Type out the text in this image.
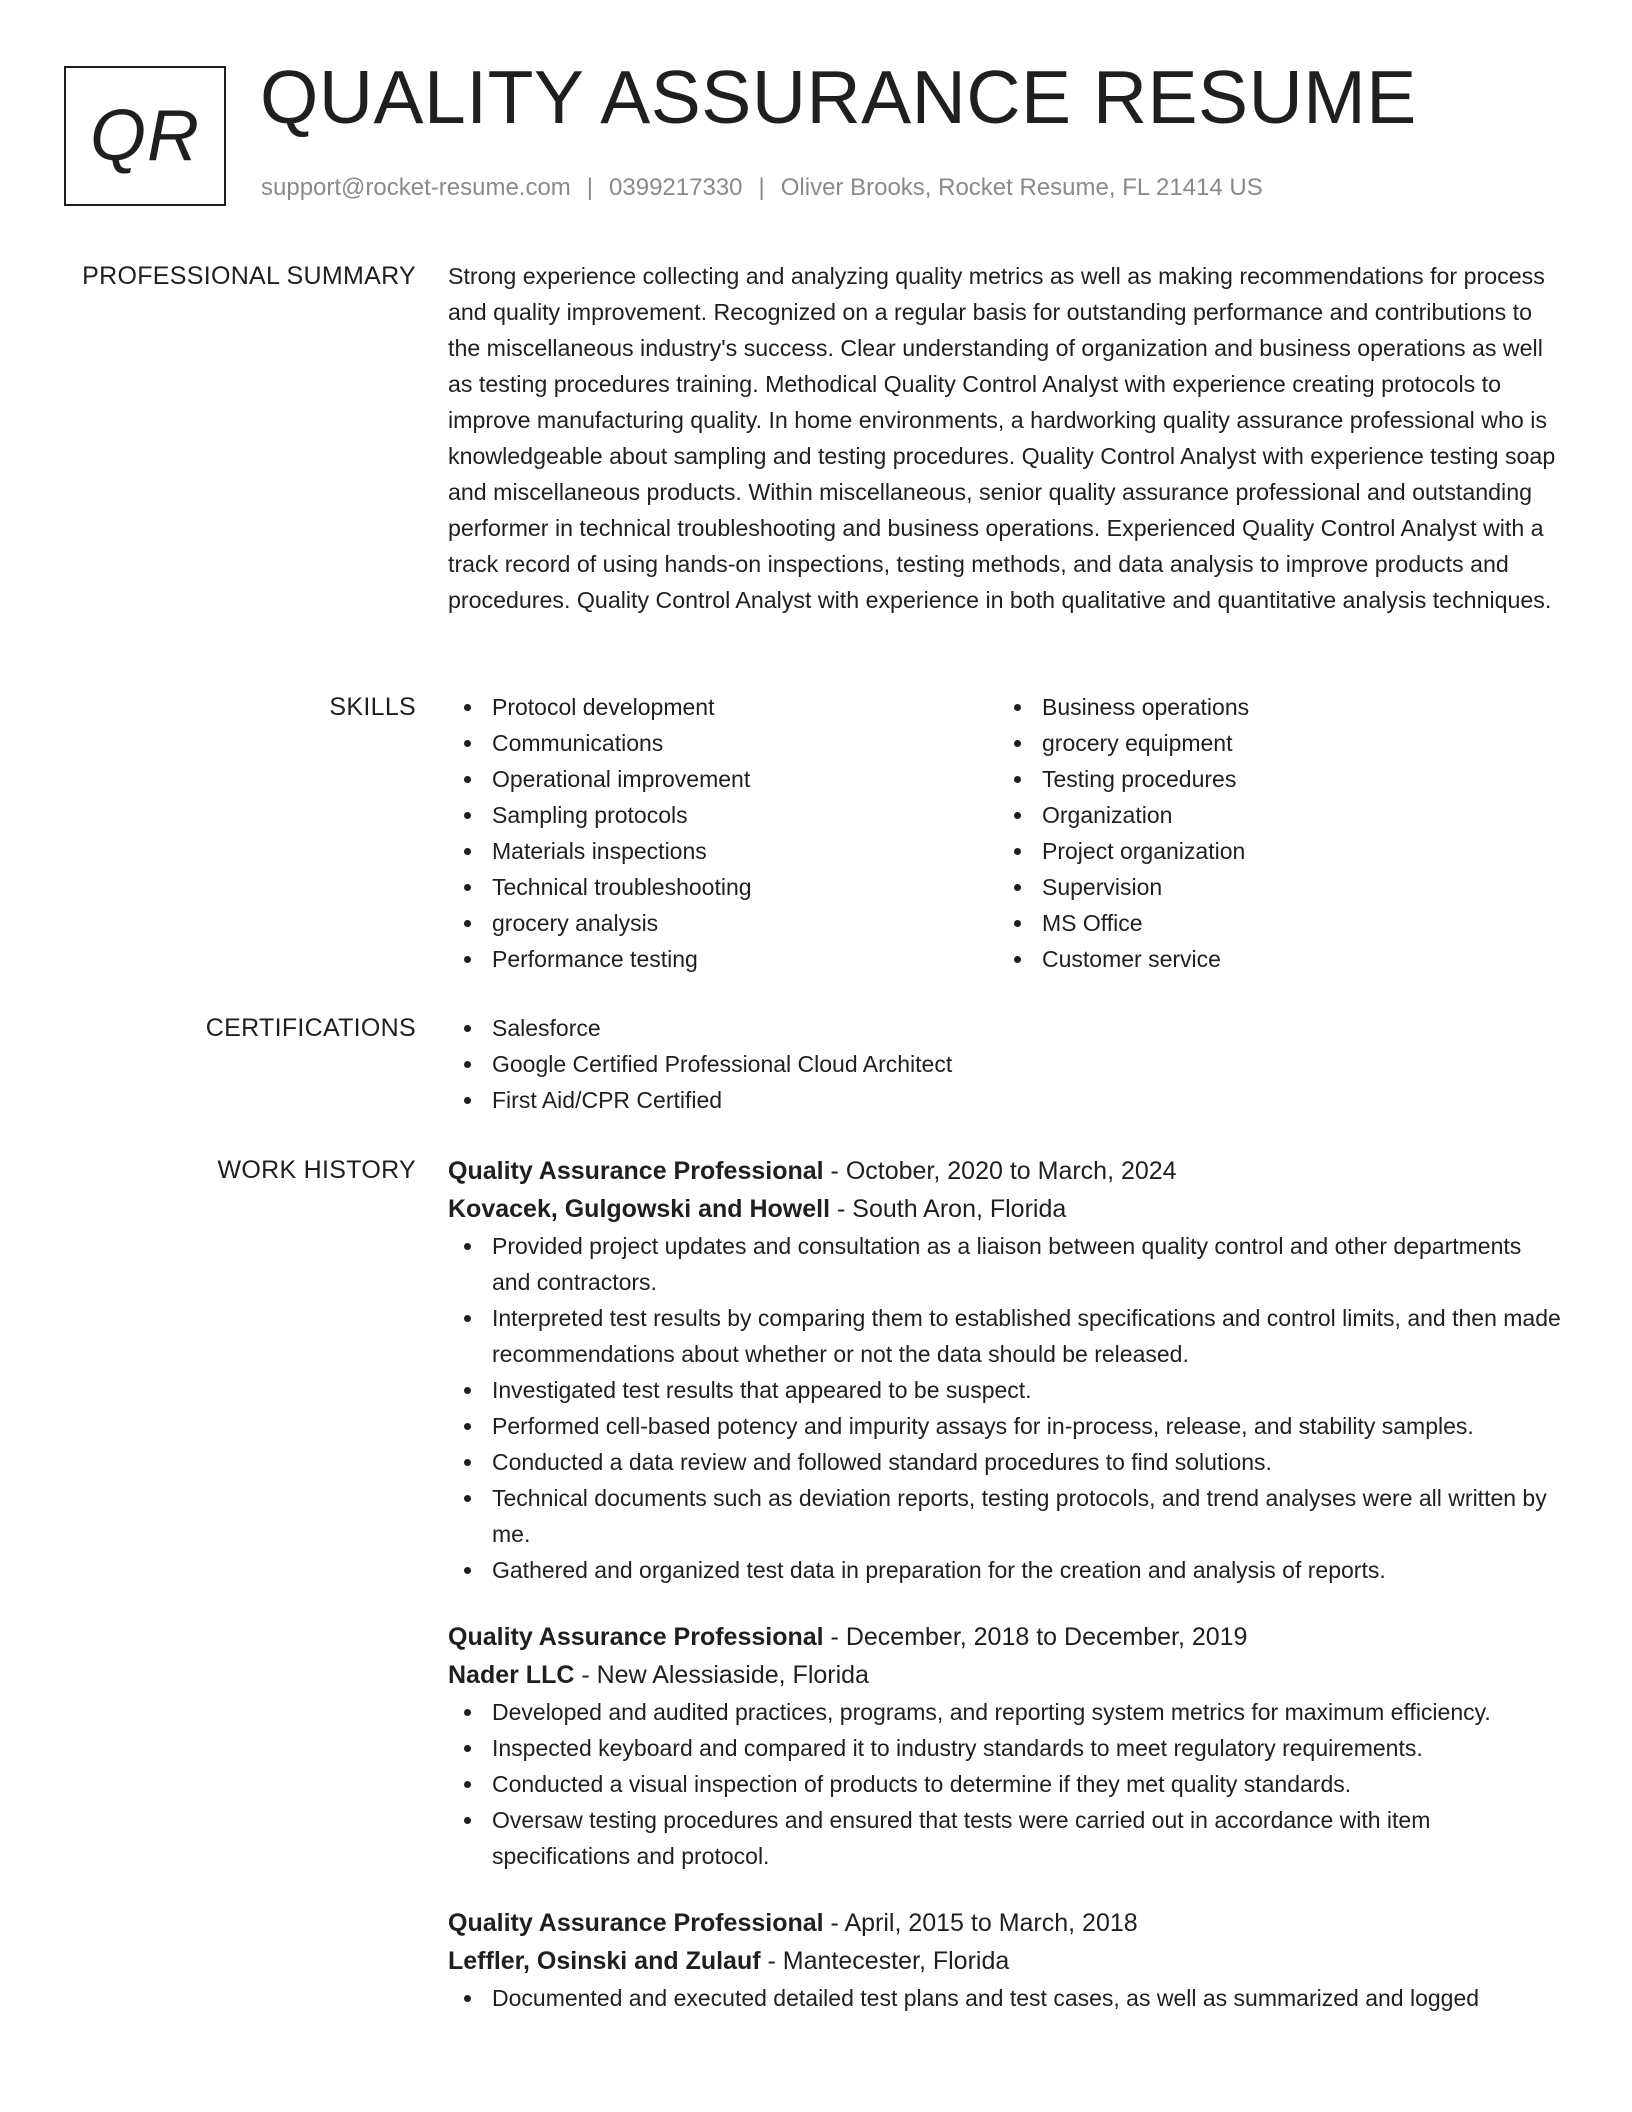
QR QUALITY ASSURANCE RESUME
support@rocket-resume.com | 0399217330 | Oliver Brooks, Rocket Resume, FL 21414 US
PROFESSIONAL SUMMARY Strong experience collecting and analyzing quality metrics as well as making recommendations for process and quality improvement. Recognized on a regular basis for outstanding performance and contributions to the miscellaneous industry's success. Clear understanding of organization and business operations as well as testing procedures training. Methodical Quality Control Analyst with experience creating protocols to improve manufacturing quality. In home environments, a hardworking quality assurance professional who is knowledgeable about sampling and testing procedures. Quality Control Analyst with experience testing soap and miscellaneous products. Within miscellaneous, senior quality assurance professional and outstanding performer in technical troubleshooting and business operations. Experienced Quality Control Analyst with a track record of using hands-on inspections, testing methods, and data analysis to improve products and procedures. Quality Control Analyst with experience in both qualitative and quantitative analysis techniques.

SKILLS	Protocol development
Communications
Operational improvement
Sampling protocols
Materials inspections
Technical troubleshooting
grocery analysis
Performance testing
Business operations
grocery equipment
Testing procedures
Organization
Project organization
Supervision
MS Office
Customer service
CERTIFICATIONS	Salesforce
Google Certified Professional Cloud Architect
First Aid/CPR Certified
WORK HISTORY Quality Assurance Professional - October, 2020 to March, 2024
Kovacek, Gulgowski and Howell - South Aron, Florida
Provided project updates and consultation as a liaison between quality control and other departments and contractors.
Interpreted test results by comparing them to established specifications and control limits, and then made recommendations about whether or not the data should be released.
Investigated test results that appeared to be suspect.
Performed cell-based potency and impurity assays for in-process, release, and stability samples.
Conducted a data review and followed standard procedures to find solutions.
Technical documents such as deviation reports, testing protocols, and trend analyses were all written by me.
Gathered and organized test data in preparation for the creation and analysis of reports.
Quality Assurance Professional - December, 2018 to December, 2019
Nader LLC - New Alessiaside, Florida
Developed and audited practices, programs, and reporting system metrics for maximum efficiency.
Inspected keyboard and compared it to industry standards to meet regulatory requirements.
Conducted a visual inspection of products to determine if they met quality standards.
Oversaw testing procedures and ensured that tests were carried out in accordance with item specifications and protocol.
Quality Assurance Professional - April, 2015 to March, 2018
Leffler, Osinski and Zulauf - Mantecester, Florida
Documented and executed detailed test plans and test cases, as well as summarized and logged
